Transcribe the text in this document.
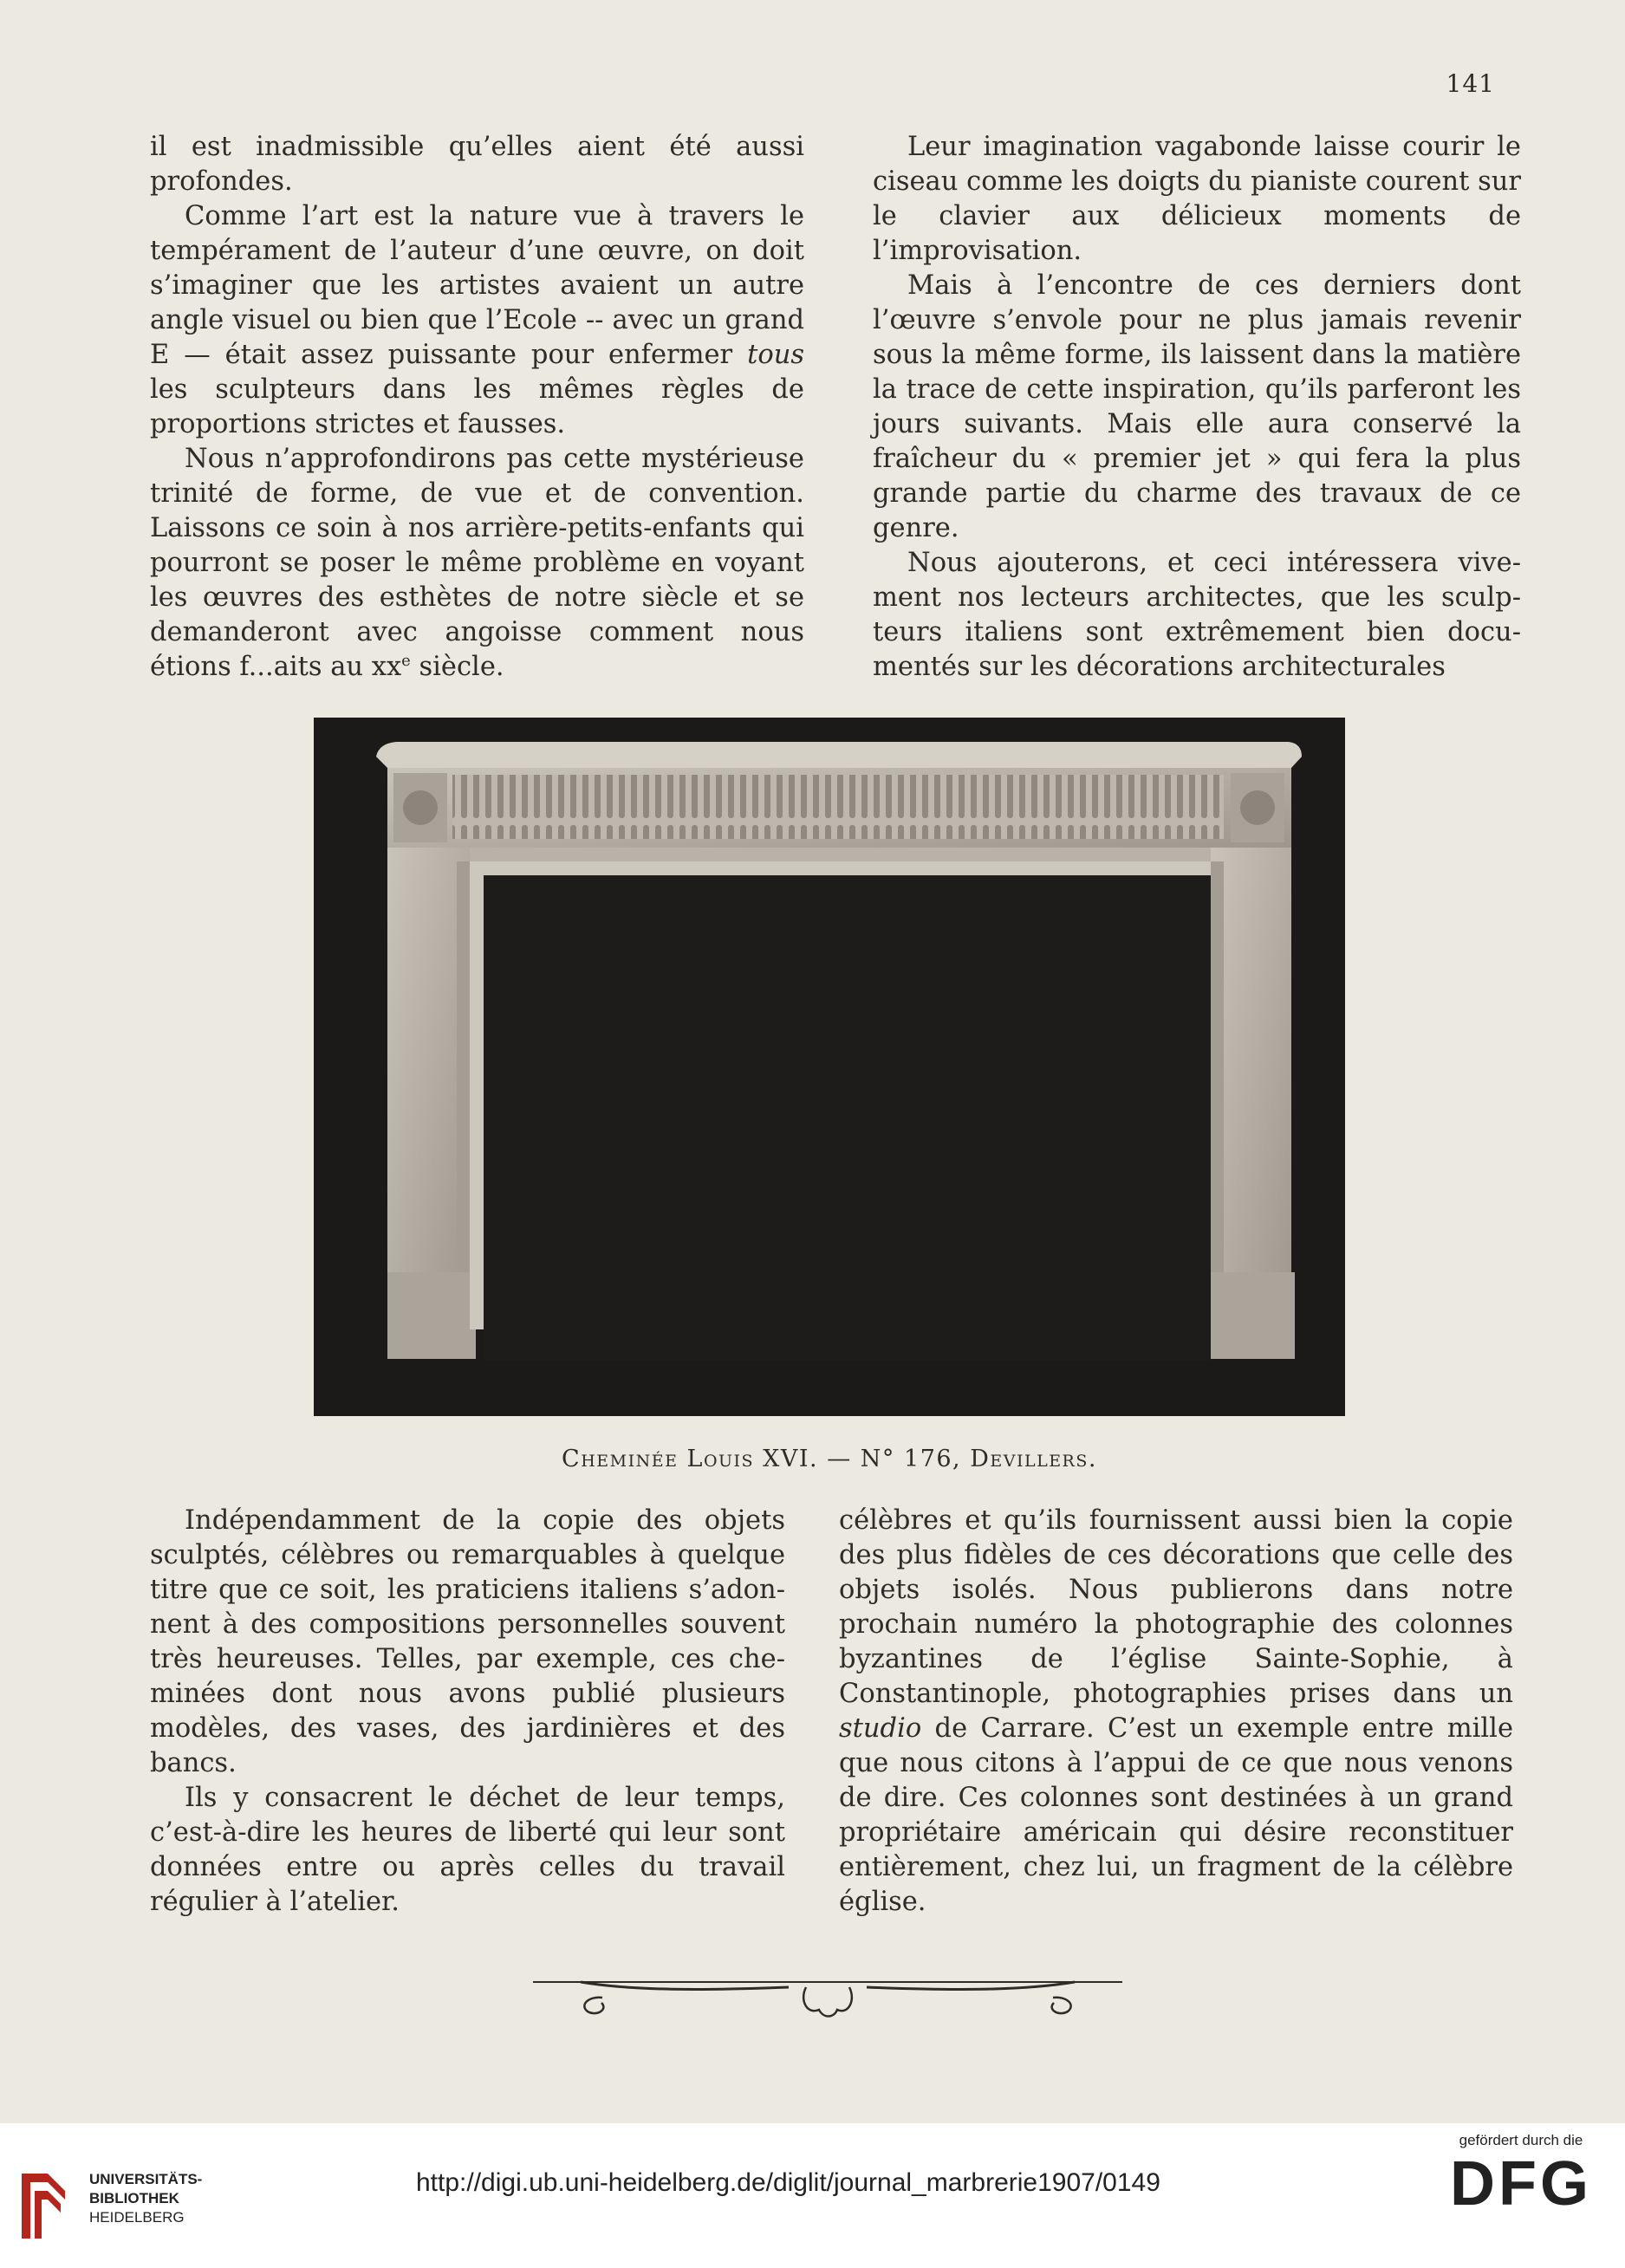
141

il est inadmissible qu’elles aient été aussi profondes.

Comme l’art est la nature vue à travers le tempérament de l’auteur d’une œuvre, on doit s’imaginer que les artistes avaient un autre angle visuel ou bien que l’Ecole -- avec un grand E — était assez puissante pour enfermer tous les sculpteurs dans les mêmes règles de proportions strictes et fausses.

Nous n’approfondirons pas cette mystérieuse trinité de forme, de vue et de convention. Laissons ce soin à nos arrière-petits-enfants qui pourront se poser le même problème en voyant les œuvres des esthètes de notre siècle et se demanderont avec angoisse comment nous étions f...aits au $xx^e$ siècle.

Leur imagination vagabonde laisse courir le ciseau comme les doigts du pianiste courent sur le clavier aux délicieux moments de l’improvisation.

Mais à l’encontre de ces derniers dont l’œuvre s’envole pour ne plus jamais revenir sous la même forme, ils laissent dans la matière la trace de cette inspiration, qu’ils parferont les jours suivants. Mais elle aura conservé la fraîcheur du « premier jet » qui fera la plus grande partie du charme des travaux de ce genre.

Nous ajouterons, et ceci intéressera vivement nos lecteurs architectes, que les sculpteurs italiens sont extrêmement bien documentés sur les décorations architecturales

Cheminée Louis XVI. — N° 176, Devillers.

Indépendamment de la copie des objets sculptés, célèbres ou remarquables à quelque titre que ce soit, les praticiens italiens s’adonnent à des compositions personnelles souvent très heureuses. Telles, par exemple, ces cheminées dont nous avons publié plusieurs modèles, des vases, des jardinières et des bancs.

Ils y consacrent le déchet de leur temps, c’est-à-dire les heures de liberté qui leur sont données entre ou après celles du travail régulier à l’atelier.

célèbres et qu’ils fournissent aussi bien la copie des plus fidèles de ces décorations que celle des objets isolés. Nous publierons dans notre prochain numéro la photographie des colonnes byzantines de l’église Sainte-Sophie, à Constantinople, photographies prises dans un studio de Carrare. C’est un exemple entre mille que nous citons à l’appui de ce que nous venons de dire. Ces colonnes sont destinées à un grand propriétaire américain qui désire reconstituer entièrement, chez lui, un fragment de la célèbre église.

UNIVERSITÄTS-
BIBLIOTHEK
HEIDELBERG
http://digi.ub.uni-heidelberg.de/diglit/journal_marbrerie1907/0149
gefördert durch die
DFG
